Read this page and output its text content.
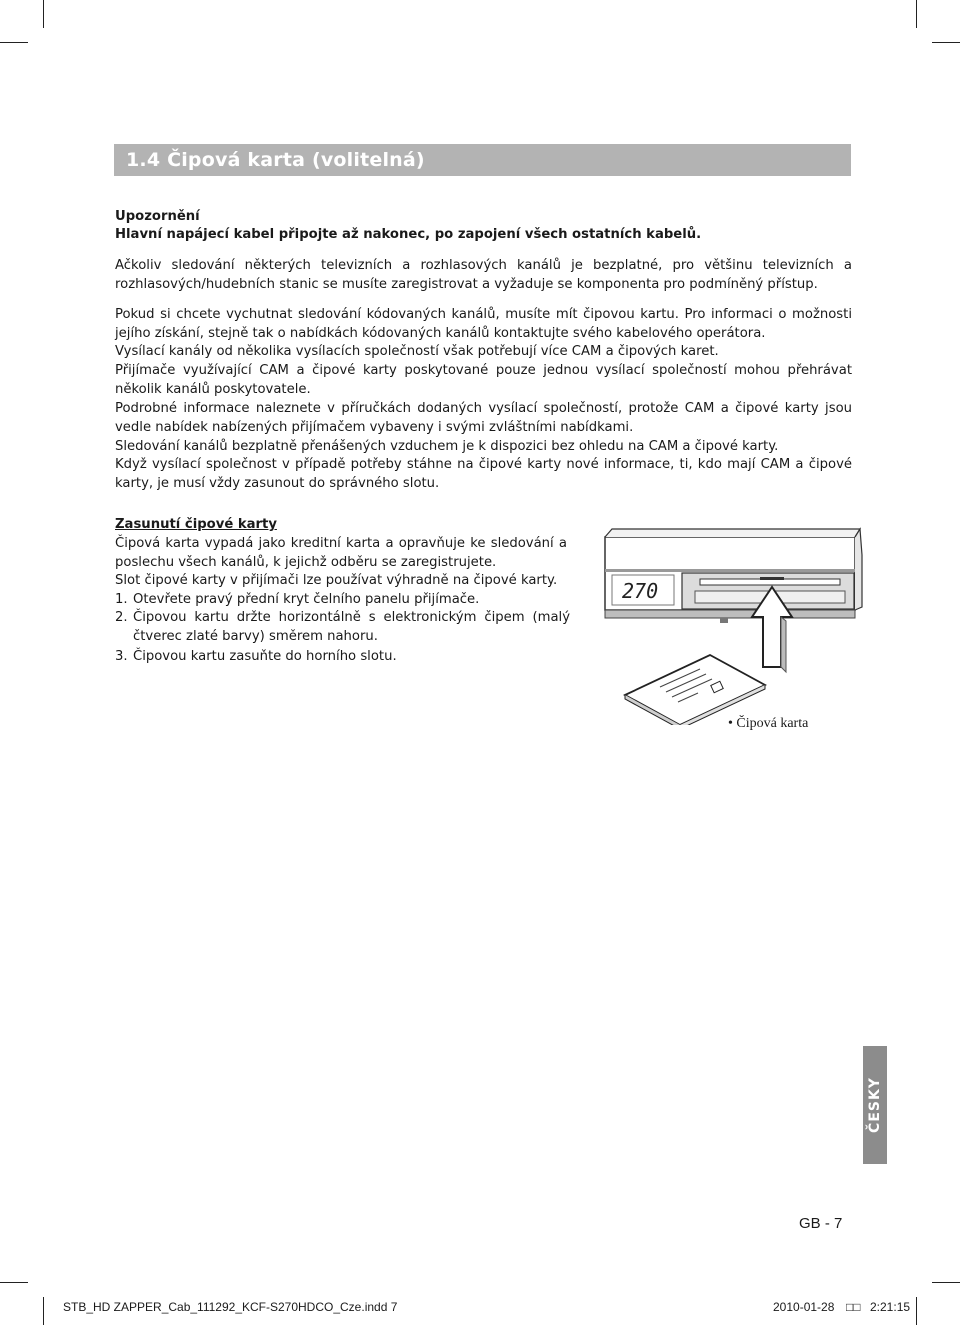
1.4 Čipová karta (volitelná)

Upozornění

Hlavní napájecí kabel připojte až nakonec, po zapojení všech ostatních kabelů.

Ačkoliv sledování některých televizních a rozhlasových kanálů je bezplatné, pro většinu televizních a rozhlasových/hudebních stanic se musíte zaregistrovat a vyžaduje se komponenta pro podmíněný přístup.

Pokud si chcete vychutnat sledování kódovaných kanálů, musíte mít čipovou kartu. Pro informaci o možnosti jejího získání, stejně tak o nabídkách kódovaných kanálů kontaktujte svého kabelového operátora.

Vysílací kanály od několika vysílacích společností však potřebují více CAM a čipových karet.

Přijímače využívající CAM a čipové karty poskytované pouze jednou vysílací společností mohou přehrávat několik kanálů poskytovatele.

Podrobné informace naleznete v příručkách dodaných vysílací společností, protože CAM a čipové karty jsou vedle nabídek nabízených přijímačem vybaveny i svými zvláštními nabídkami.

Sledování kanálů bezplatně přenášených vzduchem je k dispozici bez ohledu na CAM a čipové karty.

Když vysílací společnost v případě potřeby stáhne na čipové karty nové informace, ti, kdo mají CAM a čipové karty, je musí vždy zasunout do správného slotu.

Zasunutí čipové karty

Čipová karta vypadá jako kreditní karta a opravňuje ke sledování a poslechu všech kanálů, k jejichž odběru se zaregistrujete.

Slot čipové karty v přijímači lze používat výhradně na čipové karty.

1. Otevřete pravý přední kryt čelního panelu přijímače.
2. Čipovou kartu držte horizontálně s elektronickým čipem (malý čtverec zlaté barvy) směrem nahoru.
3. Čipovou kartu zasuňte do horního slotu.
270
• Čipová karta
ČESKY
GB - 7
STB_HD ZAPPER_Cab_111292_KCF-S270HDCO_Cze.indd 7	2010-01-28 □□ 2:21:15
